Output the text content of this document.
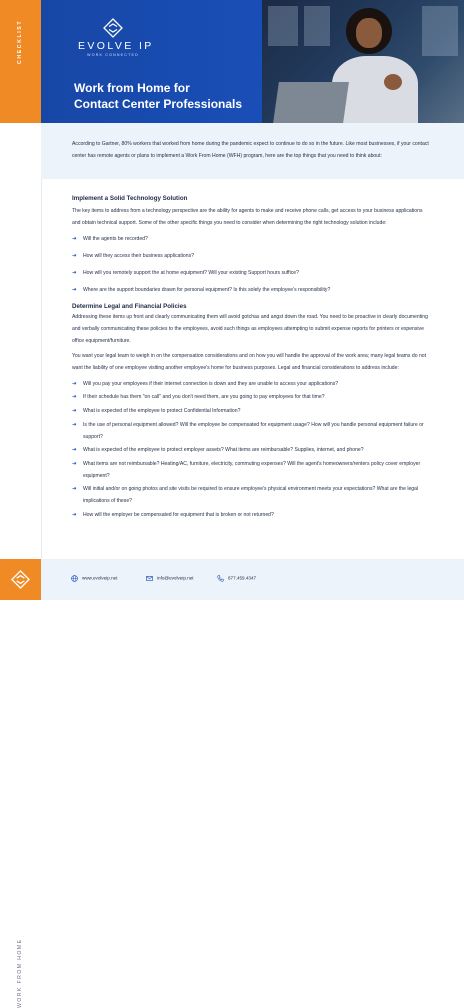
CHECKLIST
WORK FROM HOME
EVOLVE IP
WORK CONNECTED
Work from Home for
Contact Center Professionals

According to Gartner, 80% workers that worked from home during the pandemic expect to continue to do so in the future. Like most businesses, if your contact center has remote agents or plans to implement a Work From Home (WFH) program, here are the top things that you need to think about:

Implement a Solid Technology Solution

The key items to address from a technology perspective are the ability for agents to make and receive phone calls, get access to your business applications and obtain technical support. Some of the other specific things you need to consider when determining the right technology solution include:

➜ Will the agents be recorded?
➜ How will they access their business applications?
➜ How will you remotely support the at home equipment? Will your existing Support hours suffice?
➜ Where are the support boundaries drawn for personal equipment? Is this solely the employee's responsibility?
Determine Legal and Financial Policies

Addressing these items up front and clearly communicating them will avoid gotchas and angst down the road. You need to be proactive in clearly documenting and verbally communicating these policies to the employees, avoid such things as employees attempting to submit expense reports for printers or expensive office equipment/furniture.

You want your legal team to weigh in on the compensation considerations and on how you will handle the approval of the work area; many legal teams do not want the liability of one employee visiting another employee's home for business purposes. Legal and financial considerations to address include:

➜ Will you pay your employees if their internet connection is down and they are unable to access your applications?
➜ If their schedule has them "on call" and you don't need them, are you going to pay employees for that time?
➜ What is expected of the employee to protect Confidential Information?
➜ Is the use of personal equipment allowed? Will the employee be compensated for equipment usage? How will you handle personal equipment failure or support?
➜ What is expected of the employee to protect employer assets? What items are reimbursable? Supplies, internet, and phone?
➜ What items are not reimbursable? Heating/AC, furniture, electricity, commuting expenses? Will the agent's homeowners/renters policy cover employer equipment?
➜ Will initial and/or on going photos and site visits be required to ensure employee's physical environment meets your expectations? What are the legal implications of these?
➜ How will the employer be compensated for equipment that is broken or not returned?
www.evolveip.net	info@evolveip.net	877.459.4347
